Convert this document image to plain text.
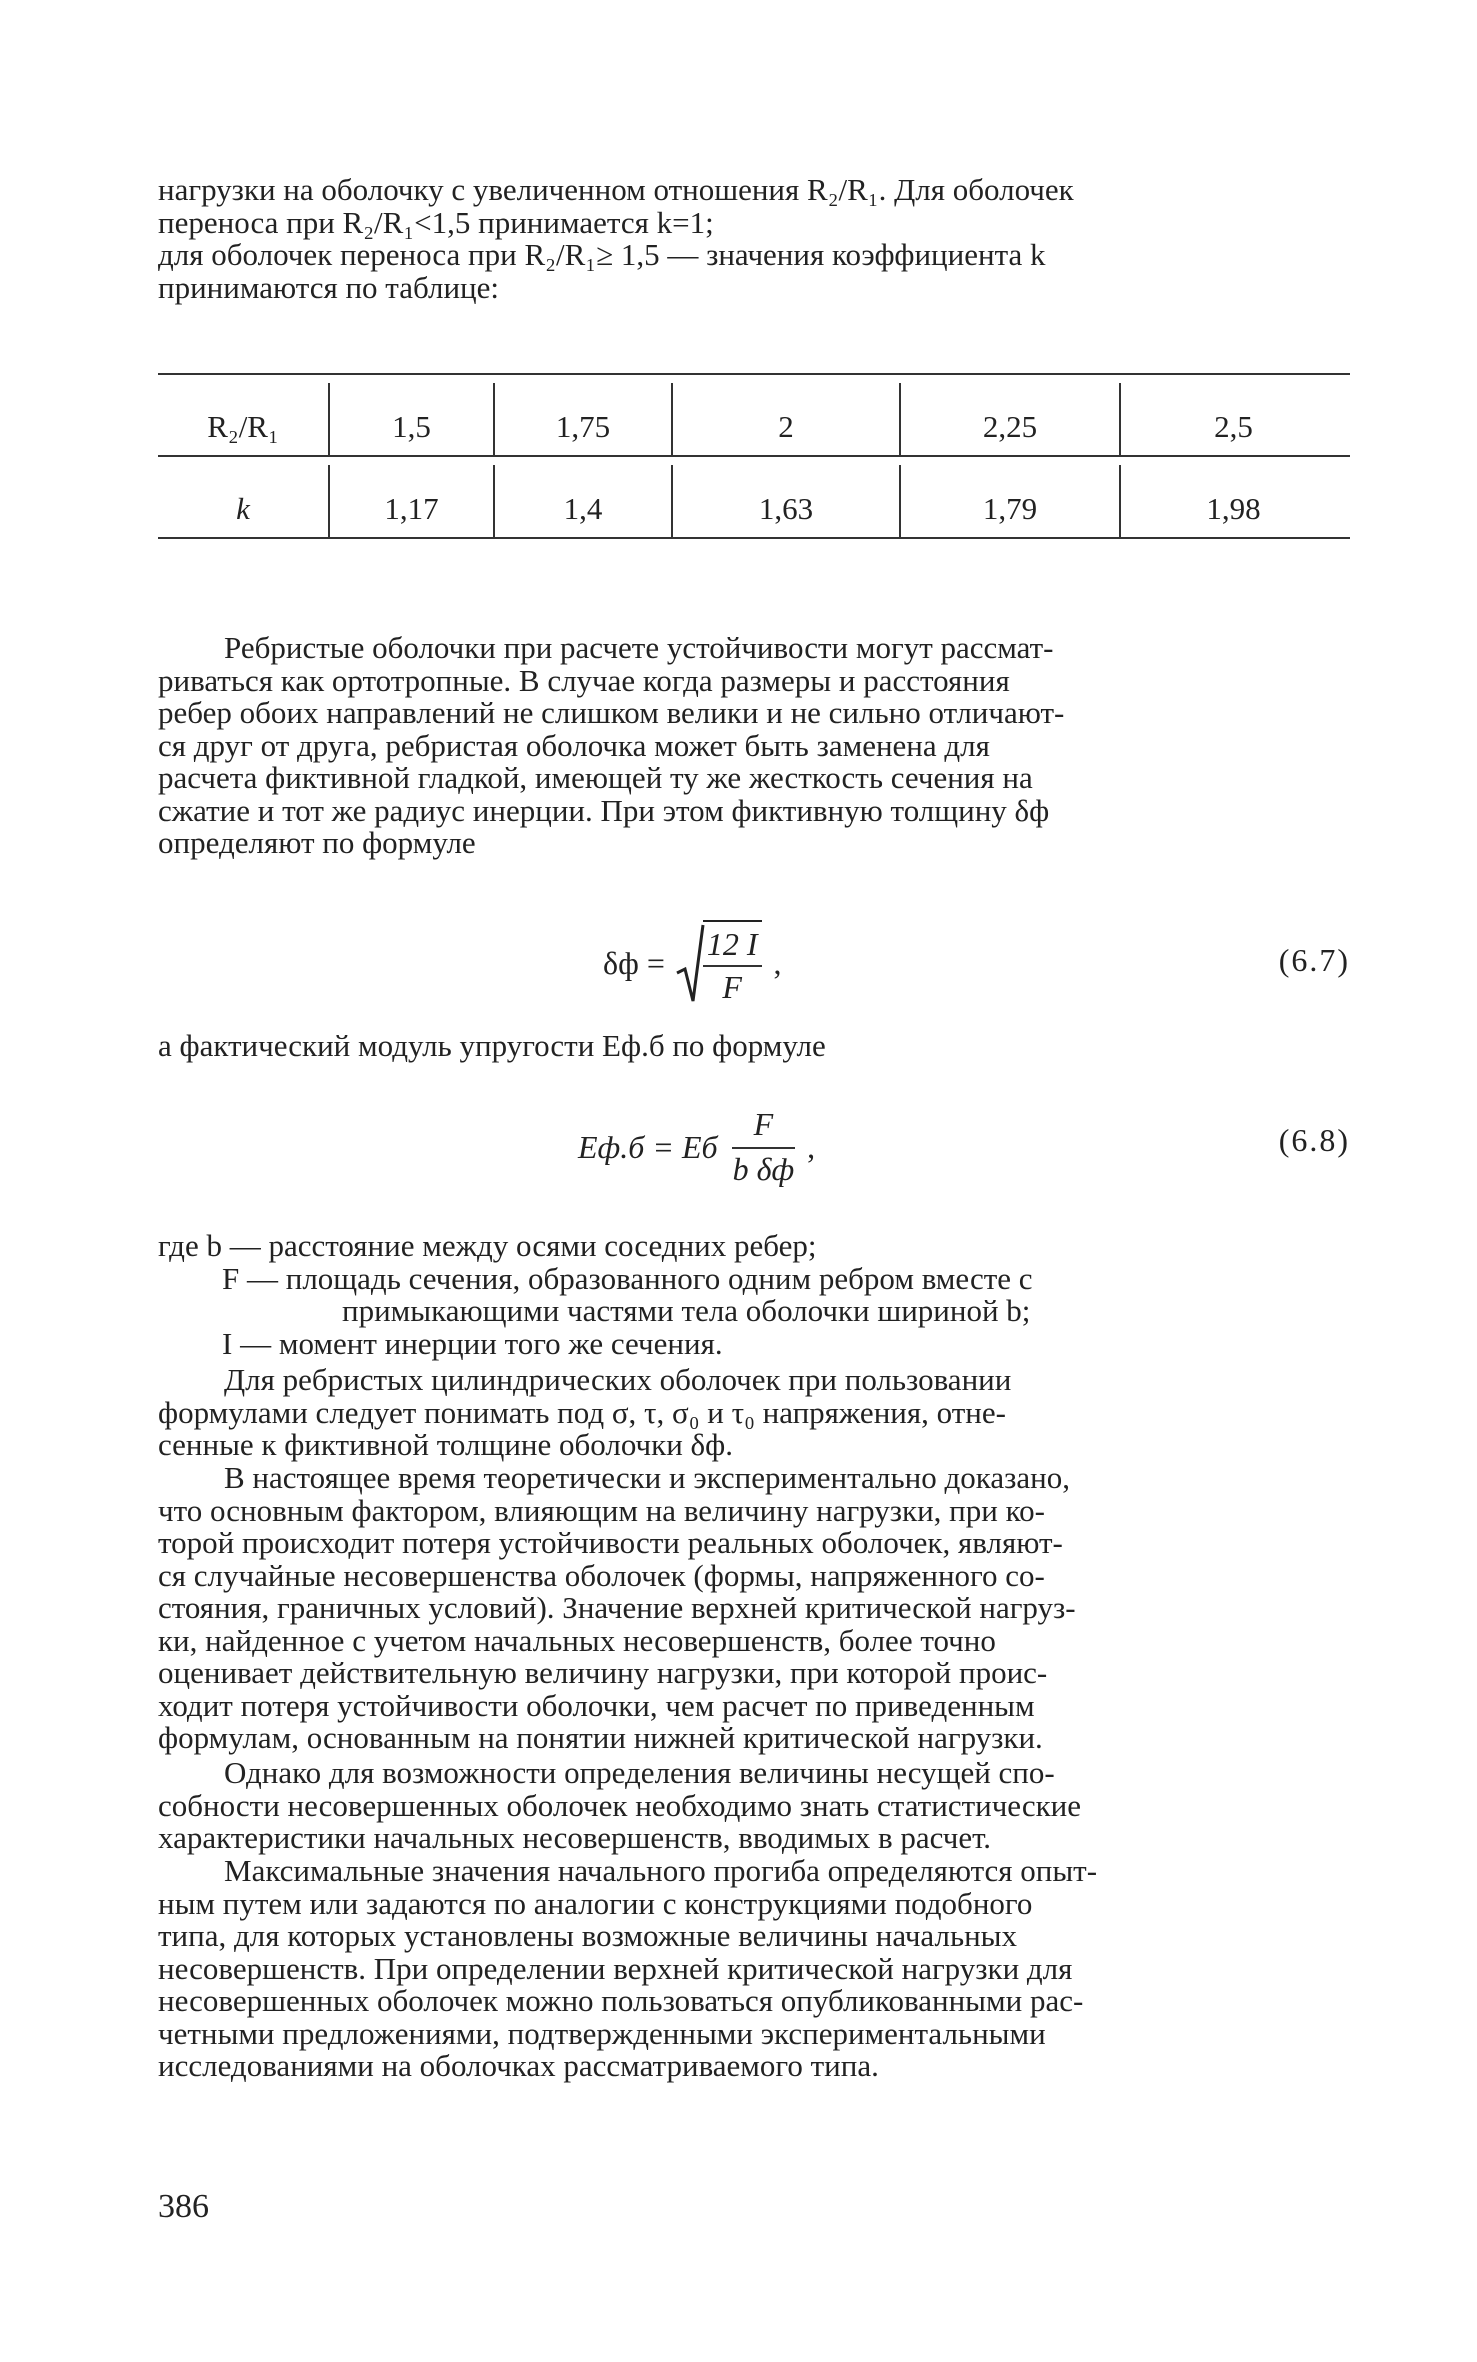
нагрузки на оболочку с увеличенном отношения R₂/R₁. Для оболочек
переноса при R₂/R₁<1,5 принимается k=1;
для оболочек переноса при R₂/R₁≥ 1,5 — значения коэффициента k
принимаются по таблице:
R₂/R₁	1,5	1,75	2	2,25	2,5
k	1,17	1,4	1,63	1,79	1,98
Ребристые оболочки при расчете устойчивости могут рассмат-
риваться как ортотропные. В случае когда размеры и расстояния
ребер обоих направлений не слишком велики и не сильно отличают-
ся друг от друга, ребристая оболочка может быть заменена для
расчета фиктивной гладкой, имеющей ту же жесткость сечения на
сжатие и тот же радиус инерции. При этом фиктивную толщину δф
определяют по формуле
$\delta ф = \frac{12 I}{F}$ ,	(6.7)
а фактический модуль упругости Eф.б по формуле
Eф.б = Eб $\frac{F}{\text{b δф}}$ ,	(6.8)
где b — расстояние между осями соседних ребер;
F — площадь сечения, образованного одним ребром вместе с
примыкающими частями тела оболочки шириной b;
I — момент инерции того же сечения.
Для ребристых цилиндрических оболочек при пользовании
формулами следует понимать под σ, τ, σ₀ и τ₀ напряжения, отне-
сенные к фиктивной толщине оболочки δф.
В настоящее время теоретически и экспериментально доказано,
что основным фактором, влияющим на величину нагрузки, при ко-
торой происходит потеря устойчивости реальных оболочек, являют-
ся случайные несовершенства оболочек (формы, напряженного со-
стояния, граничных условий). Значение верхней критической нагруз-
ки, найденное с учетом начальных несовершенств, более точно
оценивает действительную величину нагрузки, при которой проис-
ходит потеря устойчивости оболочки, чем расчет по приведенным
формулам, основанным на понятии нижней критической нагрузки.
Однако для возможности определения величины несущей спо-
собности несовершенных оболочек необходимо знать статистические
характеристики начальных несовершенств, вводимых в расчет.
Максимальные значения начального прогиба определяются опыт-
ным путем или задаются по аналогии с конструкциями подобного
типа, для которых установлены возможные величины начальных
несовершенств. При определении верхней критической нагрузки для
несовершенных оболочек можно пользоваться опубликованными рас-
четными предложениями, подтвержденными экспериментальными
исследованиями на оболочках рассматриваемого типа.
386
